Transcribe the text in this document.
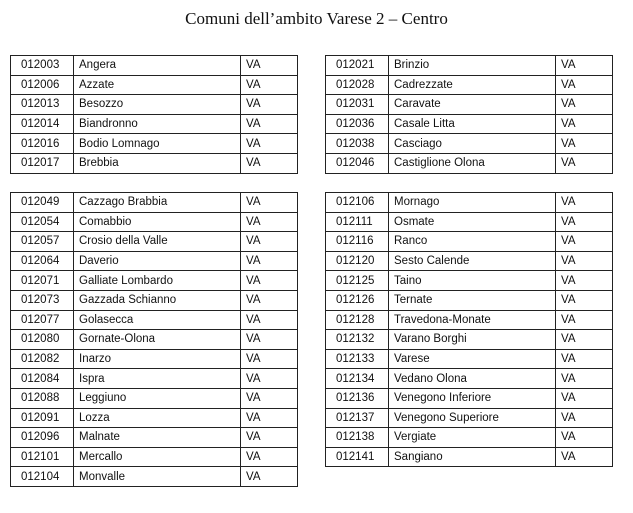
Comuni dell’ambito Varese 2 – Centro
012003	Angera	VA
012006	Azzate	VA
012013	Besozzo	VA
012014	Biandronno	VA
012016	Bodio Lomnago	VA
012017	Brebbia	VA
012021	Brinzio	VA
012028	Cadrezzate	VA
012031	Caravate	VA
012036	Casale Litta	VA
012038	Casciago	VA
012046	Castiglione Olona	VA
012049	Cazzago Brabbia	VA
012054	Comabbio	VA
012057	Crosio della Valle	VA
012064	Daverio	VA
012071	Galliate Lombardo	VA
012073	Gazzada Schianno	VA
012077	Golasecca	VA
012080	Gornate-Olona	VA
012082	Inarzo	VA
012084	Ispra	VA
012088	Leggiuno	VA
012091	Lozza	VA
012096	Malnate	VA
012101	Mercallo	VA
012104	Monvalle	VA
012106	Mornago	VA
012111	Osmate	VA
012116	Ranco	VA
012120	Sesto Calende	VA
012125	Taino	VA
012126	Ternate	VA
012128	Travedona-Monate	VA
012132	Varano Borghi	VA
012133	Varese	VA
012134	Vedano Olona	VA
012136	Venegono Inferiore	VA
012137	Venegono Superiore	VA
012138	Vergiate	VA
012141	Sangiano	VA
